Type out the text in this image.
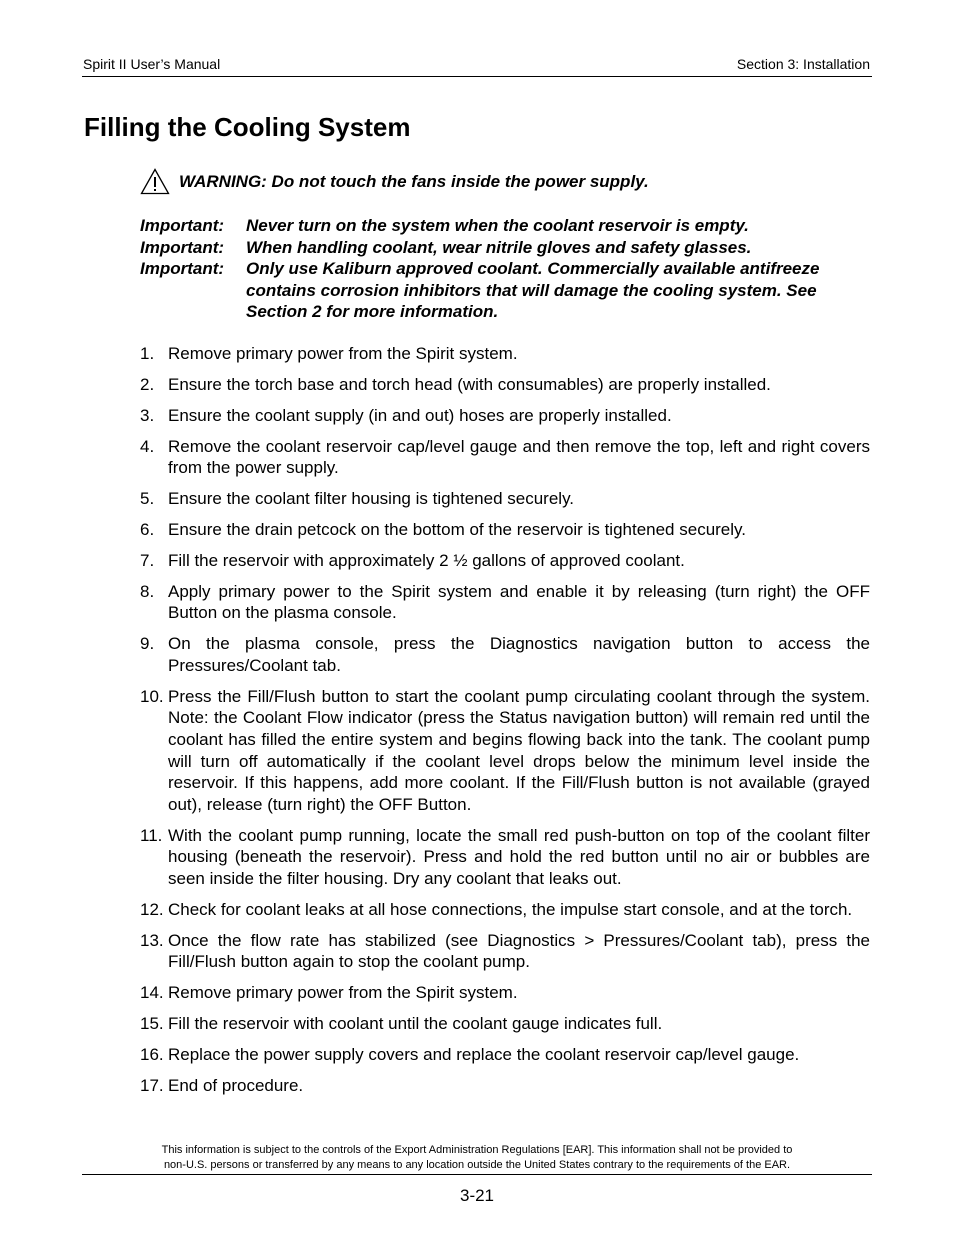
Spirit II User’s Manual	Section 3: Installation
Filling the Cooling System
WARNING: Do not touch the fans inside the power supply.
Important:	Never turn on the system when the coolant reservoir is empty.
Important:	When handling coolant, wear nitrile gloves and safety glasses.
Important:	Only use Kaliburn approved coolant. Commercially available antifreeze contains corrosion inhibitors that will damage the cooling system. See Section 2 for more information.
1. Remove primary power from the Spirit system.
2. Ensure the torch base and torch head (with consumables) are properly installed.
3. Ensure the coolant supply (in and out) hoses are properly installed.
4. Remove the coolant reservoir cap/level gauge and then remove the top, left and right covers from the power supply.
5. Ensure the coolant filter housing is tightened securely.
6. Ensure the drain petcock on the bottom of the reservoir is tightened securely.
7. Fill the reservoir with approximately 2 ½ gallons of approved coolant.
8. Apply primary power to the Spirit system and enable it by releasing (turn right) the OFF Button on the plasma console.
9. On the plasma console, press the Diagnostics navigation button to access the Pressures/Coolant tab.
10. Press the Fill/Flush button to start the coolant pump circulating coolant through the system. Note: the Coolant Flow indicator (press the Status navigation button) will remain red until the coolant has filled the entire system and begins flowing back into the tank. The coolant pump will turn off automatically if the coolant level drops below the minimum level inside the reservoir. If this happens, add more coolant. If the Fill/Flush button is not available (grayed out), release (turn right) the OFF Button.
11. With the coolant pump running, locate the small red push-button on top of the coolant filter housing (beneath the reservoir). Press and hold the red button until no air or bubbles are seen inside the filter housing. Dry any coolant that leaks out.
12. Check for coolant leaks at all hose connections, the impulse start console, and at the torch.
13. Once the flow rate has stabilized (see Diagnostics > Pressures/Coolant tab), press the Fill/Flush button again to stop the coolant pump.
14. Remove primary power from the Spirit system.
15. Fill the reservoir with coolant until the coolant gauge indicates full.
16. Replace the power supply covers and replace the coolant reservoir cap/level gauge.
17. End of procedure.
This information is subject to the controls of the Export Administration Regulations [EAR]. This information shall not be provided to
non-U.S. persons or transferred by any means to any location outside the United States contrary to the requirements of the EAR.
3-21
